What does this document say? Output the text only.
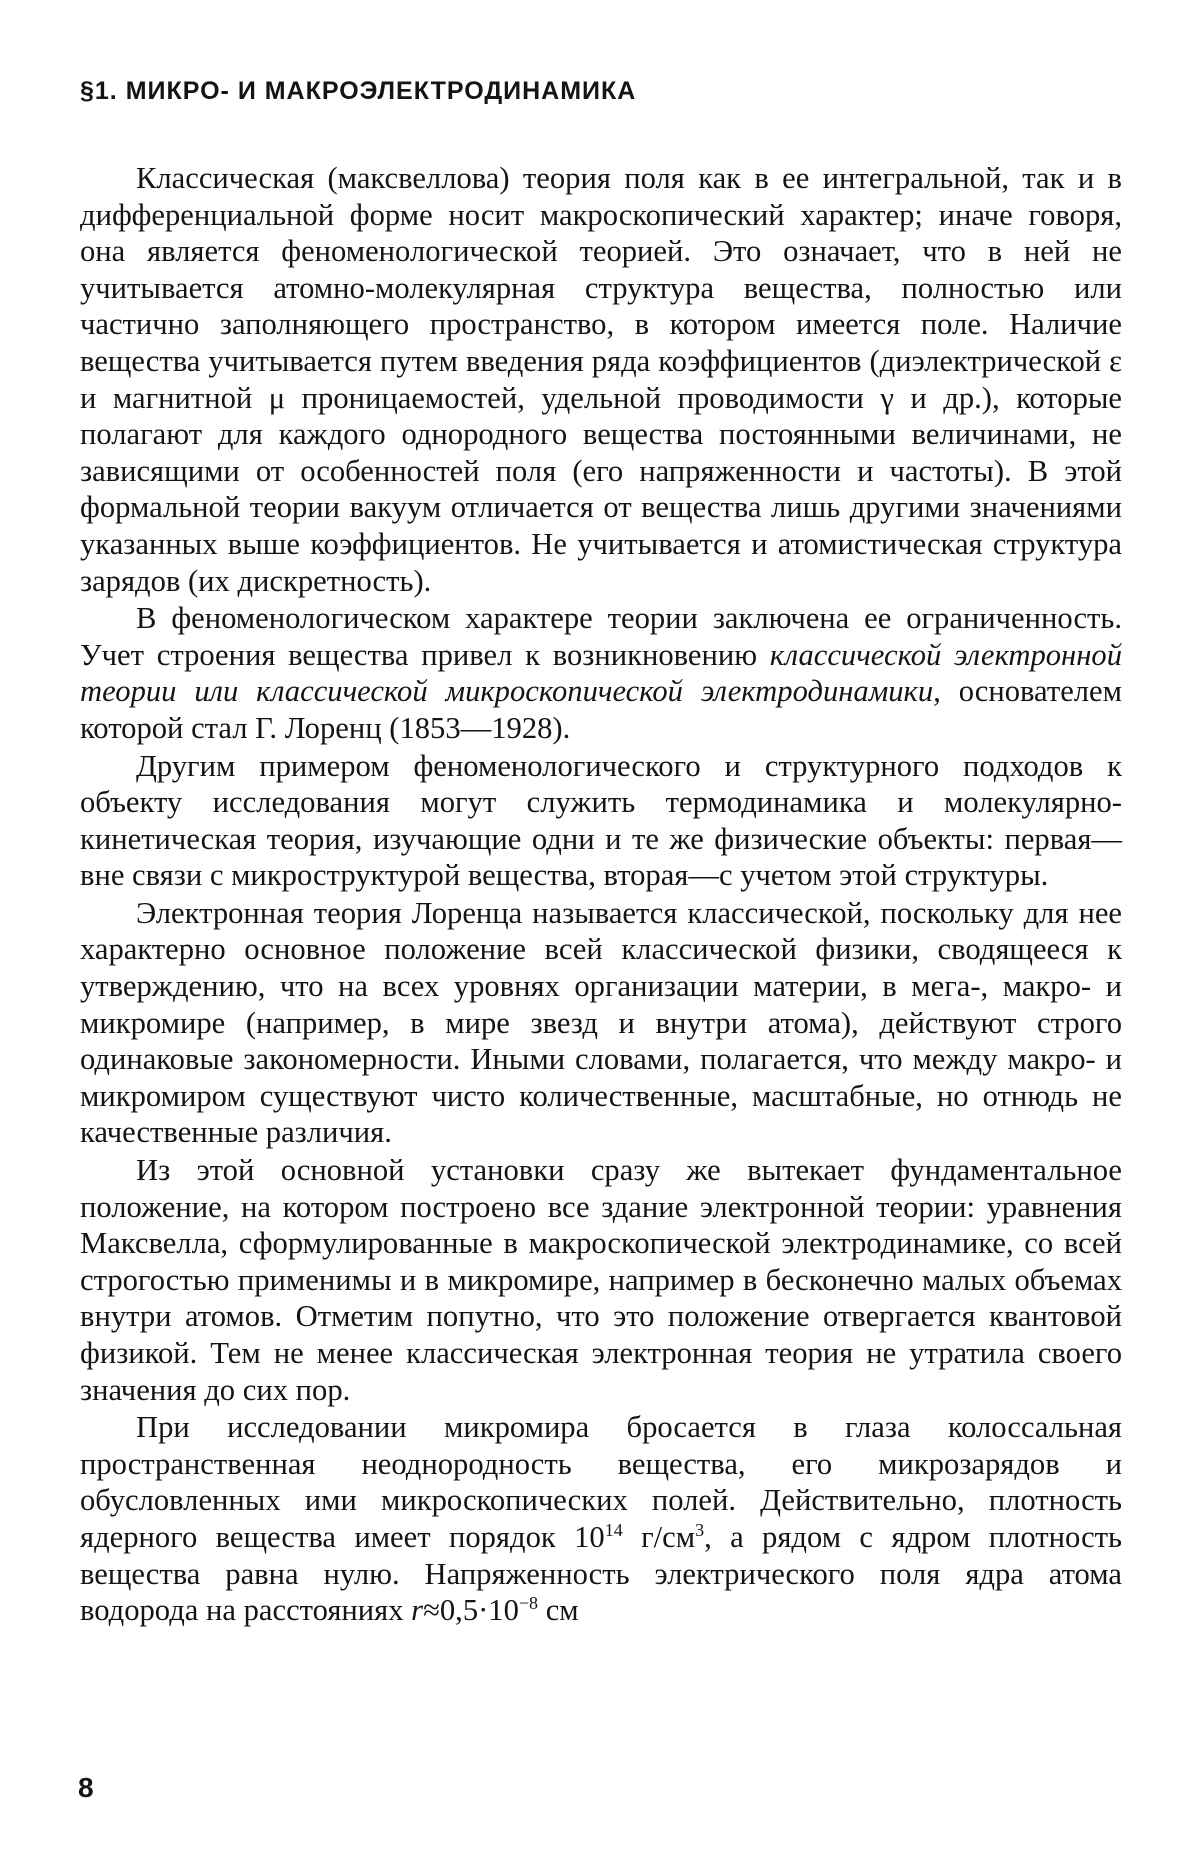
§1. МИКРО- И МАКРОЭЛЕКТРОДИНАМИКА

Классическая (максвеллова) теория поля как в ее интегральной, так и в дифференциальной форме носит макроскопический характер; иначе говоря, она является феноменологической теорией. Это означает, что в ней не учитывается атомно-молекулярная структура вещества, полностью или частично заполняющего пространство, в котором имеется поле. Наличие вещества учитывается путем введения ряда коэффициентов (диэлектрической ε и магнитной μ проницаемостей, удельной проводимости γ и др.), которые полагают для каждого однородного вещества постоянными величинами, не зависящими от особенностей поля (его напряженности и частоты). В этой формальной теории вакуум отличается от вещества лишь другими значениями указанных выше коэффициентов. Не учитывается и атомистическая структура зарядов (их дискретность).

В феноменологическом характере теории заключена ее ограниченность. Учет строения вещества привел к возникновению классической электронной теории или классической микроскопической электродинамики, основателем которой стал Г. Лоренц (1853—1928).

Другим примером феноменологического и структурного подходов к объекту исследования могут служить термодинамика и молекулярно-кинетическая теория, изучающие одни и те же физические объекты: первая—вне связи с микроструктурой вещества, вторая—с учетом этой структуры.

Электронная теория Лоренца называется классической, поскольку для нее характерно основное положение всей классической физики, сводящееся к утверждению, что на всех уровнях организации материи, в мега-, макро- и микромире (например, в мире звезд и внутри атома), действуют строго одинаковые закономерности. Иными словами, полагается, что между макро- и микромиром существуют чисто количественные, масштабные, но отнюдь не качественные различия.

Из этой основной установки сразу же вытекает фундаментальное положение, на котором построено все здание электронной теории: уравнения Максвелла, сформулированные в макроскопической электродинамике, со всей строгостью применимы и в микромире, например в бесконечно малых объемах внутри атомов. Отметим попутно, что это положение отвергается квантовой физикой. Тем не менее классическая электронная теория не утратила своего значения до сих пор.

При исследовании микромира бросается в глаза колоссальная пространственная неоднородность вещества, его микрозарядов и обусловленных ими микроскопических полей. Действительно, плотность ядерного вещества имеет порядок $10^{14}$ $г/см^3$, а рядом с ядром плотность вещества равна нулю. Напряженность электрического поля ядра атома водорода на расстояниях $r\approx 0,5\cdot 10^{-8}$ см

8
